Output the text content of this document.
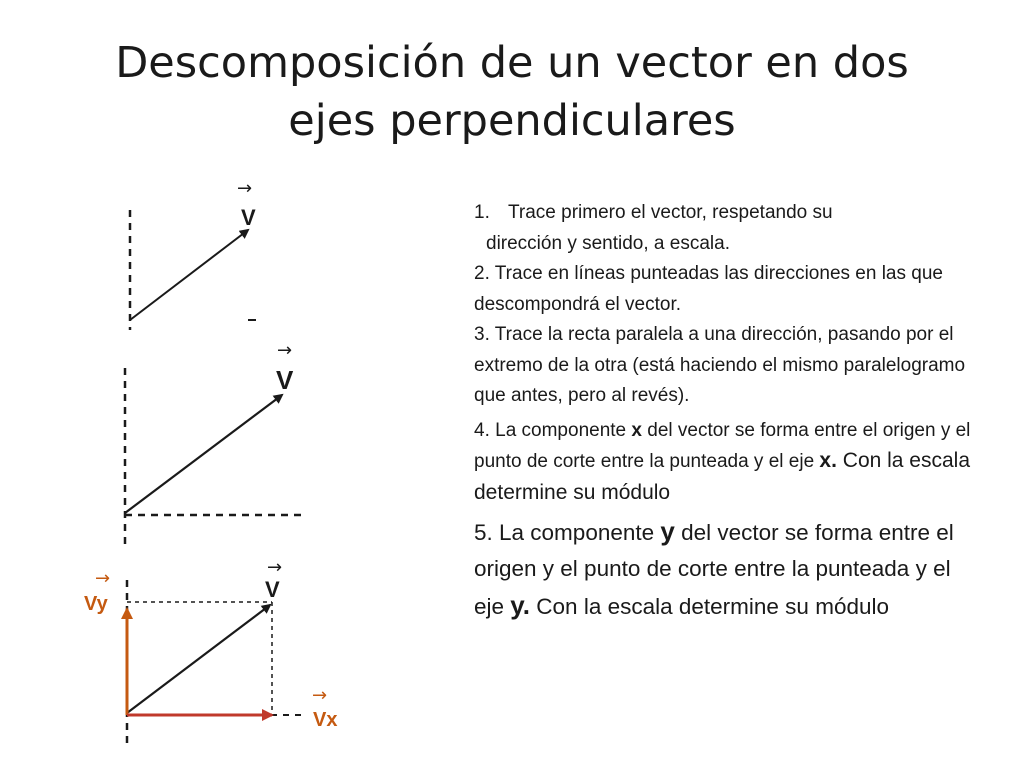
Descomposición de un vector en dos
ejes perpendiculares
→
V
→
V
→
V
→
Vy
→
Vx

1. Trace primero el vector, respetando su
dirección y sentido, a escala.

2. Trace en líneas punteadas las direcciones en las que descompondrá el vector.

3. Trace la recta paralela a una dirección, pasando por el extremo de la otra (está haciendo el mismo paralelogramo que antes, pero al revés).

4. La componente x del vector se forma entre el origen y el punto de corte entre la punteada y el eje x. Con la escala determine su módulo

5. La componente y del vector se forma entre el origen y el punto de corte entre la punteada y el eje y. Con la escala determine su módulo
